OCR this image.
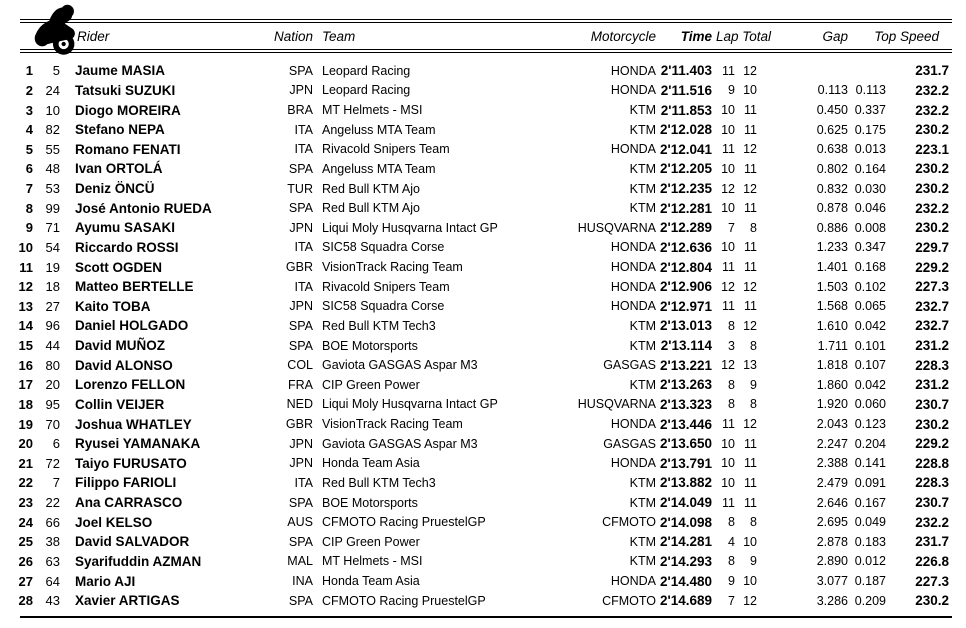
Rider	Nation Team	Motorcycle	Time Lap Total	Gap	Top Speed
1	5	Jaume MASIA	SPA Leopard Racing	HONDA 2'11.403 11 12	231.7
2 24	Tatsuki SUZUKI	JPN Leopard Racing	HONDA 2'11.516	9 10	0.113 0.113	232.2
3 10	Diogo MOREIRA	BRA MT Helmets - MSI	KTM 2'11.853 10 11	0.450 0.337	232.2
4 82	Stefano NEPA	ITA Angeluss MTA Team	KTM 2'12.028 10 11	0.625 0.175	230.2
5 55	Romano FENATI	ITA Rivacold Snipers Team	HONDA 2'12.041 11 12	0.638 0.013	223.1
6 48	Ivan ORTOLÁ	SPA Angeluss MTA Team	KTM 2'12.205 10 11	0.802 0.164	230.2
7 53	Deniz ÖNCÜ	TUR Red Bull KTM Ajo	KTM 2'12.235 12 12	0.832 0.030	230.2
8 99	José Antonio RUEDA	SPA Red Bull KTM Ajo	KTM 2'12.281 10 11	0.878 0.046	232.2
9 71	Ayumu SASAKI	JPN Liqui Moly Husqvarna Intact GP	HUSQVARNA 2'12.289	7	8	0.886 0.008	230.2
10 54	Riccardo ROSSI	ITA SIC58 Squadra Corse	HONDA 2'12.636 10 11	1.233 0.347	229.7
11 19	Scott OGDEN	GBR VisionTrack Racing Team	HONDA 2'12.804 11 11	1.401 0.168	229.2
12 18	Matteo BERTELLE	ITA Rivacold Snipers Team	HONDA 2'12.906 12 12	1.503 0.102	227.3
13 27	Kaito TOBA	JPN SIC58 Squadra Corse	HONDA 2'12.971 11 11	1.568 0.065	232.7
14 96	Daniel HOLGADO	SPA Red Bull KTM Tech3	KTM 2'13.013	8 12	1.610 0.042	232.7
15 44	David MUÑOZ	SPA BOE Motorsports	KTM 2'13.114	3	8	1.711 0.101	231.2
16 80	David ALONSO	COL Gaviota GASGAS Aspar M3	GASGAS 2'13.221 12 13	1.818 0.107	228.3
17 20	Lorenzo FELLON	FRA CIP Green Power	KTM 2'13.263	8	9	1.860 0.042	231.2
18 95	Collin VEIJER	NED Liqui Moly Husqvarna Intact GP	HUSQVARNA 2'13.323	8	8	1.920 0.060	230.7
19 70	Joshua WHATLEY	GBR VisionTrack Racing Team	HONDA 2'13.446 11 12	2.043 0.123	230.2
20	6	Ryusei YAMANAKA	JPN Gaviota GASGAS Aspar M3	GASGAS 2'13.650 10 11	2.247 0.204	229.2
21 72	Taiyo FURUSATO	JPN Honda Team Asia	HONDA 2'13.791 10 11	2.388 0.141	228.8
22	7	Filippo FARIOLI	ITA Red Bull KTM Tech3	KTM 2'13.882 10 11	2.479 0.091	228.3
23 22	Ana CARRASCO	SPA BOE Motorsports	KTM 2'14.049 11 11	2.646 0.167	230.7
24 66	Joel KELSO	AUS CFMOTO Racing PruestelGP	CFMOTO 2'14.098	8	8	2.695 0.049	232.2
25 38	David SALVADOR	SPA CIP Green Power	KTM 2'14.281	4 10	2.878 0.183	231.7
26 63	Syarifuddin AZMAN	MAL MT Helmets - MSI	KTM 2'14.293	8	9	2.890 0.012	226.8
27 64	Mario AJI	INA Honda Team Asia	HONDA 2'14.480	9 10	3.077 0.187	227.3
28 43	Xavier ARTIGAS	SPA CFMOTO Racing PruestelGP	CFMOTO 2'14.689	7 12	3.286 0.209	230.2
